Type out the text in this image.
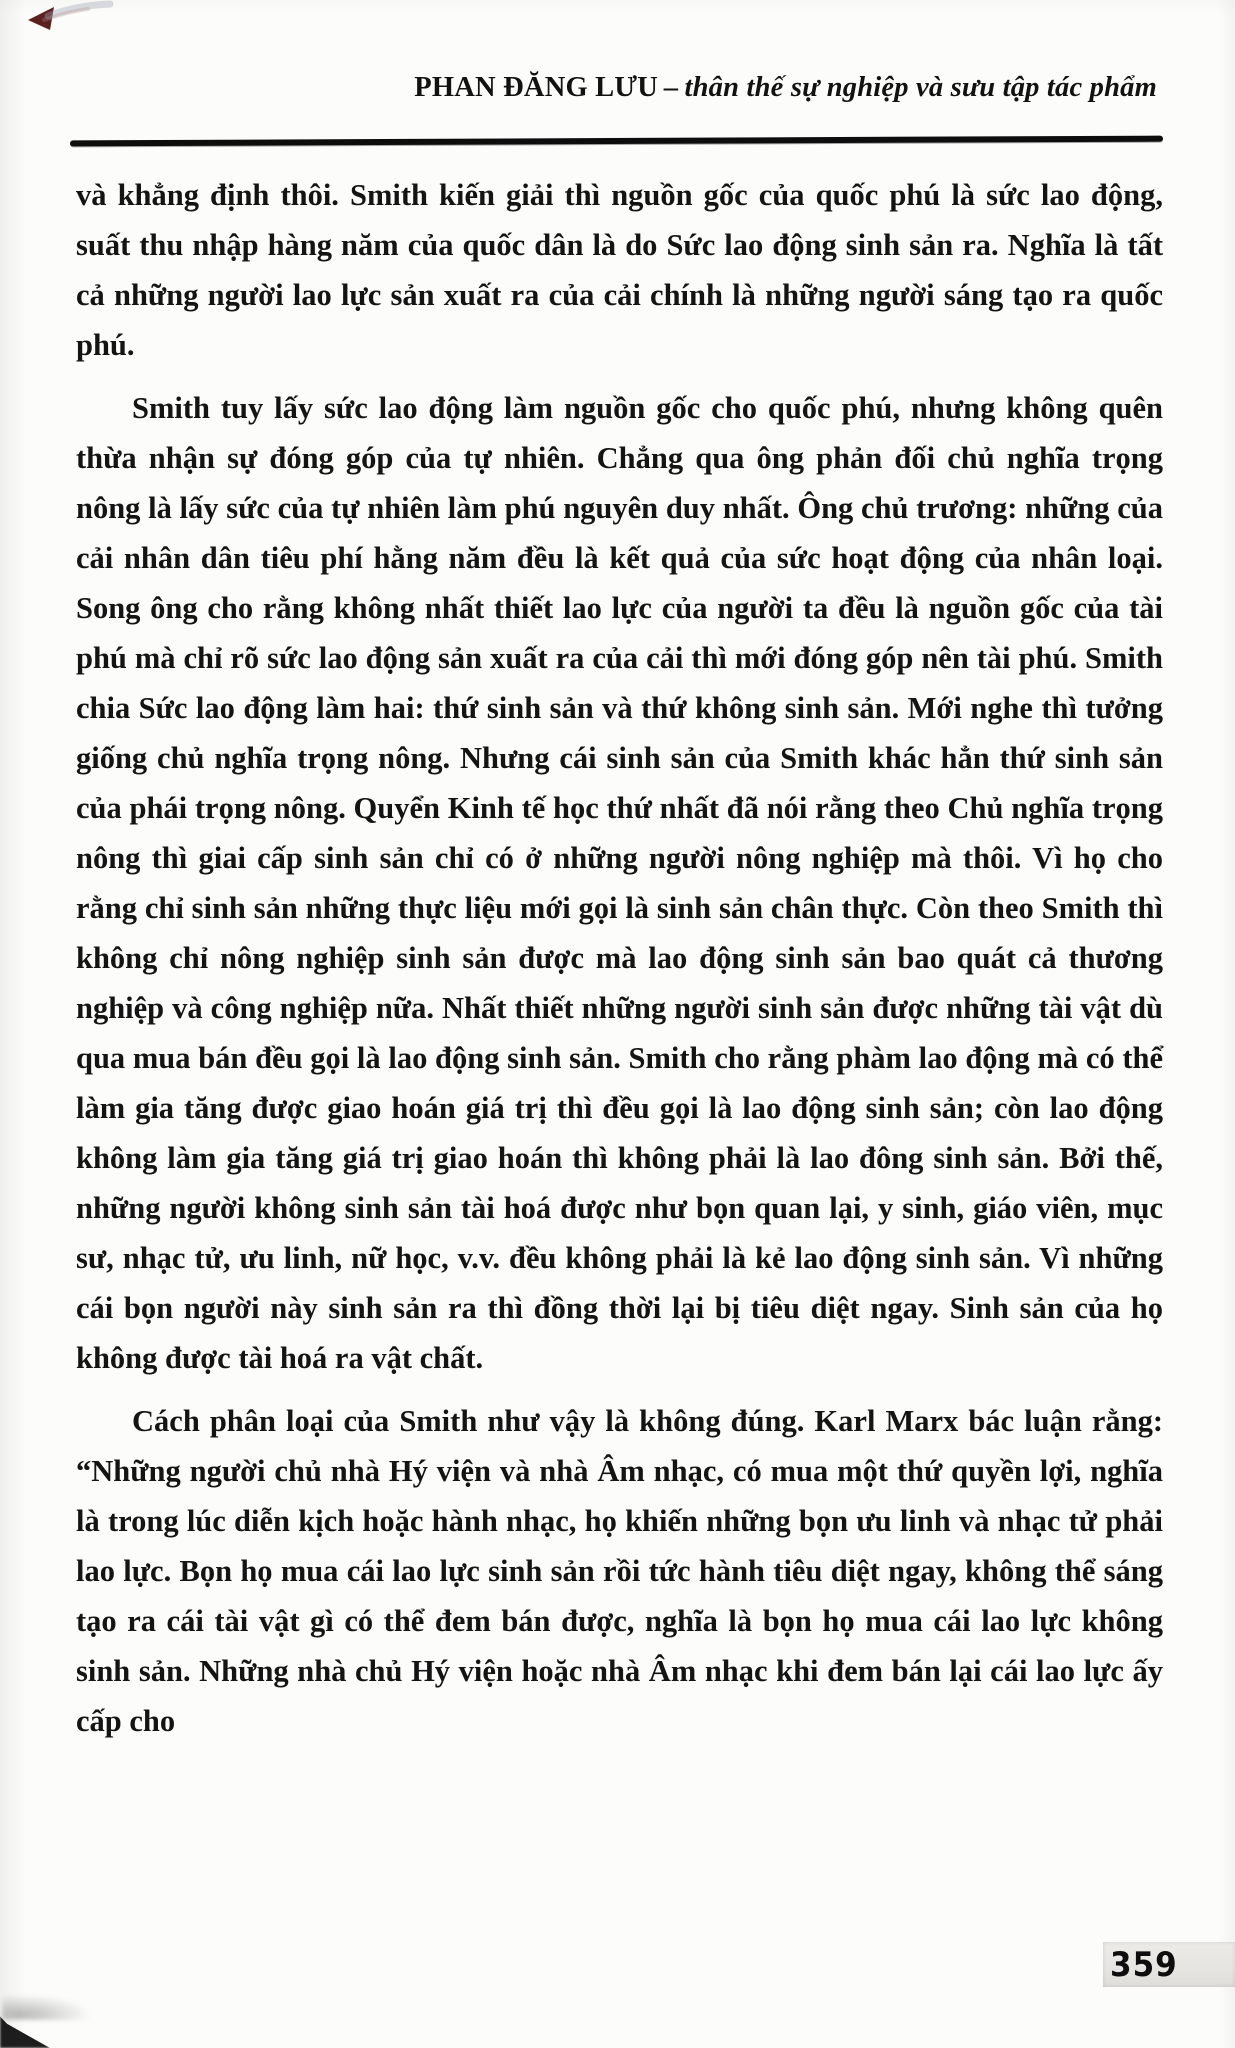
PHAN ĐĂNG LƯU – thân thế sự nghiệp và sưu tập tác phẩm

và khẳng định thôi. Smith kiến giải thì nguồn gốc của quốc phú là sức lao động, suất thu nhập hàng năm của quốc dân là do Sức lao động sinh sản ra. Nghĩa là tất cả những người lao lực sản xuất ra của cải chính là những người sáng tạo ra quốc phú.

Smith tuy lấy sức lao động làm nguồn gốc cho quốc phú, nhưng không quên thừa nhận sự đóng góp của tự nhiên. Chẳng qua ông phản đối chủ nghĩa trọng nông là lấy sức của tự nhiên làm phú nguyên duy nhất. Ông chủ trương: những của cải nhân dân tiêu phí hằng năm đều là kết quả của sức hoạt động của nhân loại. Song ông cho rằng không nhất thiết lao lực của người ta đều là nguồn gốc của tài phú mà chỉ rõ sức lao động sản xuất ra của cải thì mới đóng góp nên tài phú. Smith chia Sức lao động làm hai: thứ sinh sản và thứ không sinh sản. Mới nghe thì tưởng giống chủ nghĩa trọng nông. Nhưng cái sinh sản của Smith khác hẳn thứ sinh sản của phái trọng nông. Quyển Kinh tế học thứ nhất đã nói rằng theo Chủ nghĩa trọng nông thì giai cấp sinh sản chỉ có ở những người nông nghiệp mà thôi. Vì họ cho rằng chỉ sinh sản những thực liệu mới gọi là sinh sản chân thực. Còn theo Smith thì không chỉ nông nghiệp sinh sản được mà lao động sinh sản bao quát cả thương nghiệp và công nghiệp nữa. Nhất thiết những người sinh sản được những tài vật dù qua mua bán đều gọi là lao động sinh sản. Smith cho rằng phàm lao động mà có thể làm gia tăng được giao hoán giá trị thì đều gọi là lao động sinh sản; còn lao động không làm gia tăng giá trị giao hoán thì không phải là lao đông sinh sản. Bởi thế, những người không sinh sản tài hoá được như bọn quan lại, y sinh, giáo viên, mục sư, nhạc tử, ưu linh, nữ học, v.v. đều không phải là kẻ lao động sinh sản. Vì những cái bọn người này sinh sản ra thì đồng thời lại bị tiêu diệt ngay. Sinh sản của họ không được tài hoá ra vật chất.

Cách phân loại của Smith như vậy là không đúng. Karl Marx bác luận rằng: “Những người chủ nhà Hý viện và nhà Âm nhạc, có mua một thứ quyền lợi, nghĩa là trong lúc diễn kịch hoặc hành nhạc, họ khiến những bọn ưu linh và nhạc tử phải lao lực. Bọn họ mua cái lao lực sinh sản rồi tức hành tiêu diệt ngay, không thể sáng tạo ra cái tài vật gì có thể đem bán được, nghĩa là bọn họ mua cái lao lực không sinh sản. Những nhà chủ Hý viện hoặc nhà Âm nhạc khi đem bán lại cái lao lực ấy cấp cho

359
